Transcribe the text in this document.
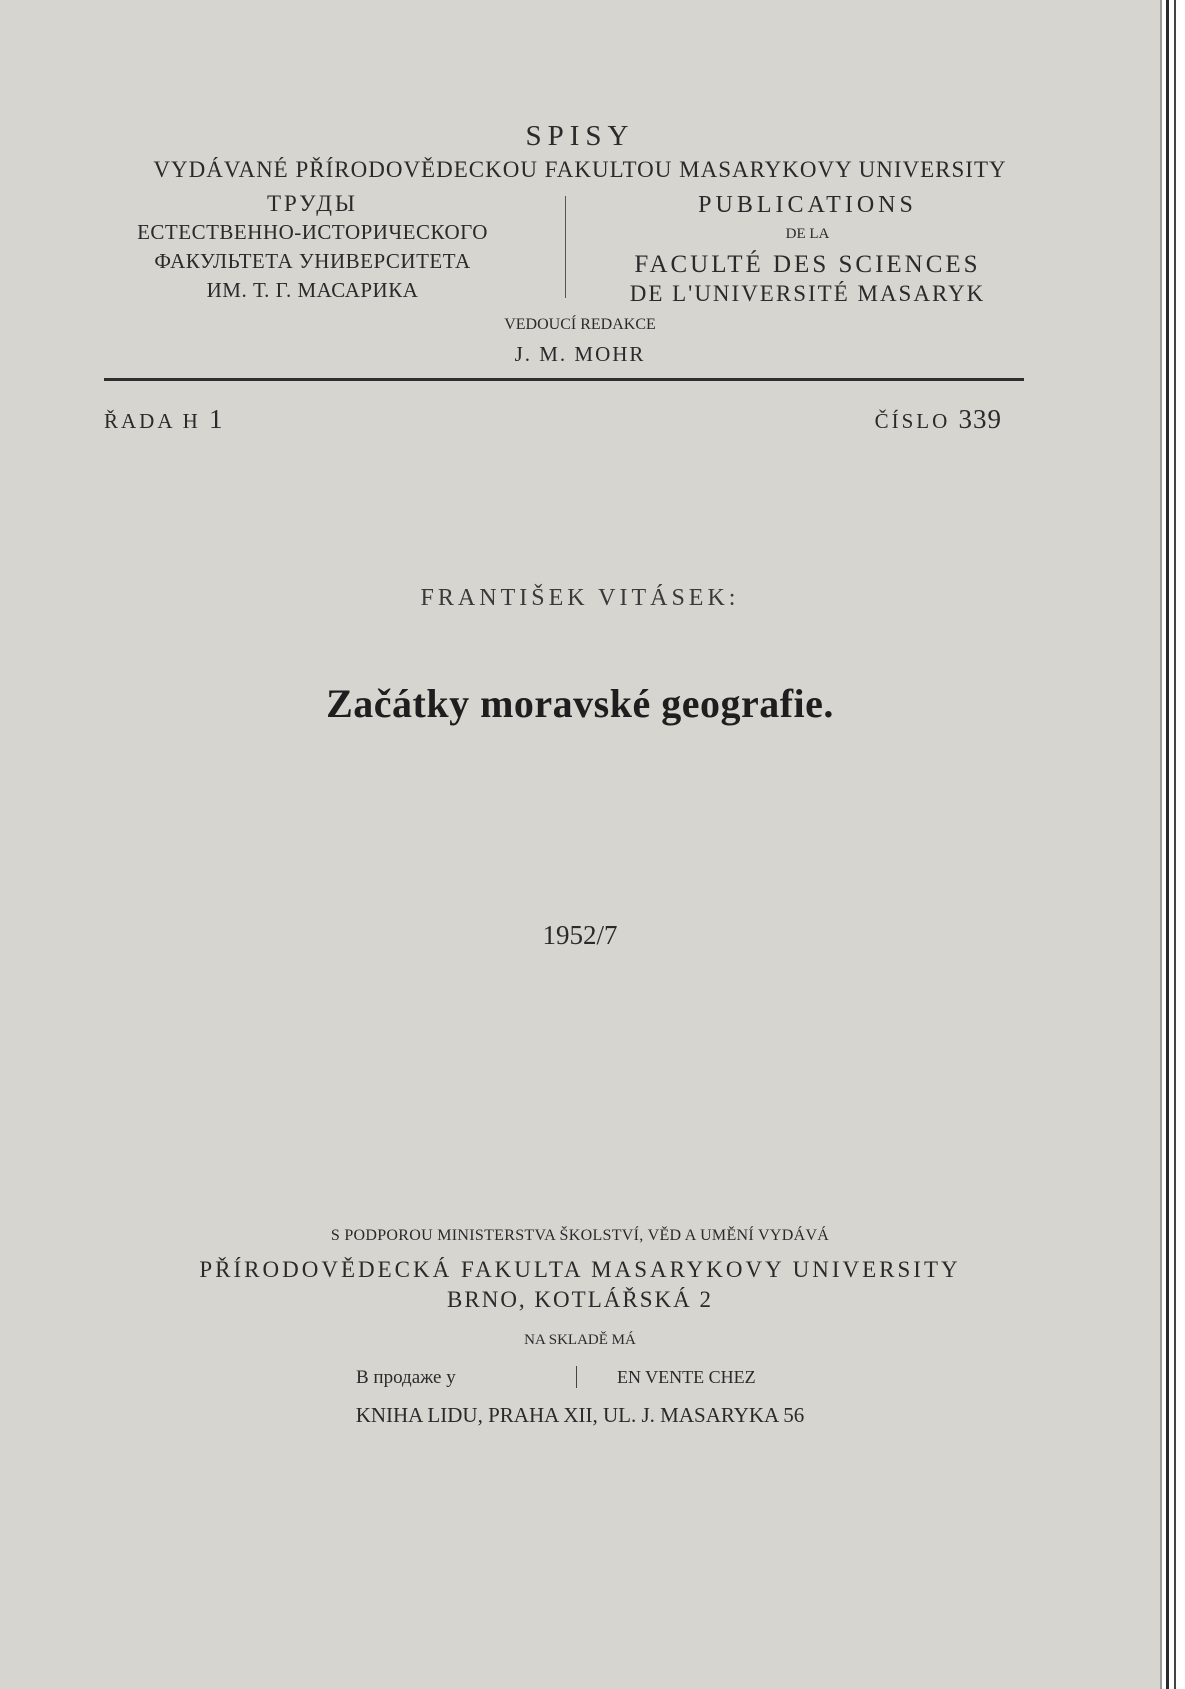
SPISY
VYDÁVANÉ PŘÍRODOVĚDECKOU FAKULTOU MASARYKOVY UNIVERSITY
ТРУДЫ
ЕСТЕСТВЕННО-ИСТОРИЧЕСКОГО
ФАКУЛЬТЕТА УНИВЕРСИТЕТА
ИМ. Т. Г. МАСАРИКА
PUBLICATIONS
DE LA
FACULTÉ DES SCIENCES
DE L'UNIVERSITÉ MASARYK
VEDOUCÍ REDAKCE
J. M. MOHR
ŘADA H 1	ČÍSLO 339
FRANTIŠEK VITÁSEK:
Začátky moravské geografie.
1952/7
S PODPOROU MINISTERSTVA ŠKOLSTVÍ, VĚD A UMĚNÍ VYDÁVÁ
PŘÍRODOVĚDECKÁ FAKULTA MASARYKOVY UNIVERSITY
BRNO, KOTLÁŘSKÁ 2
NA SKLADĚ MÁ
В продаже у	EN VENTE CHEZ
KNIHA LIDU, PRAHA XII, UL. J. MASARYKA 56
